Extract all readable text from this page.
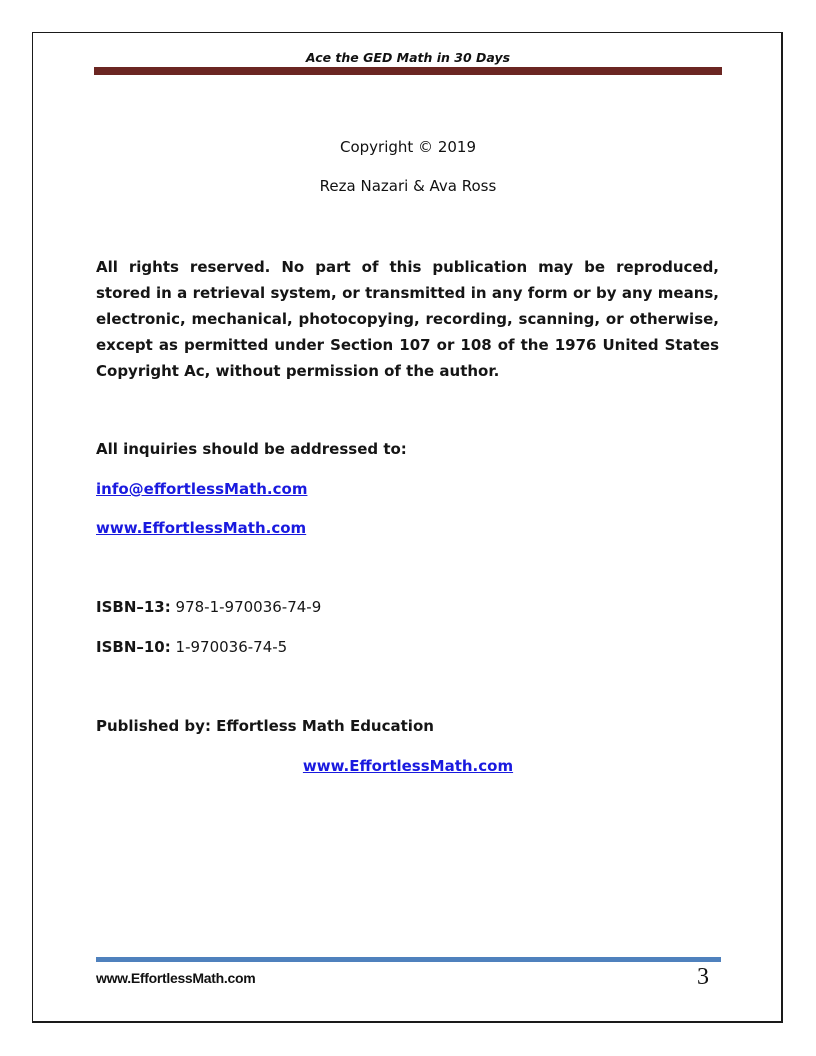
Ace the GED Math in 30 Days
Copyright © 2019
Reza Nazari & Ava Ross
All rights reserved. No part of this publication may be reproduced, stored in a retrieval system, or transmitted in any form or by any means, electronic, mechanical, photocopying, recording, scanning, or otherwise, except as permitted under Section 107 or 108 of the 1976 United States Copyright Ac, without permission of the author.
All inquiries should be addressed to:
info@effortlessMath.com
www.EffortlessMath.com
ISBN–13: 978-1-970036-74-9
ISBN–10: 1-970036-74-5
Published by: Effortless Math Education
www.EffortlessMath.com
www.EffortlessMath.com	3
